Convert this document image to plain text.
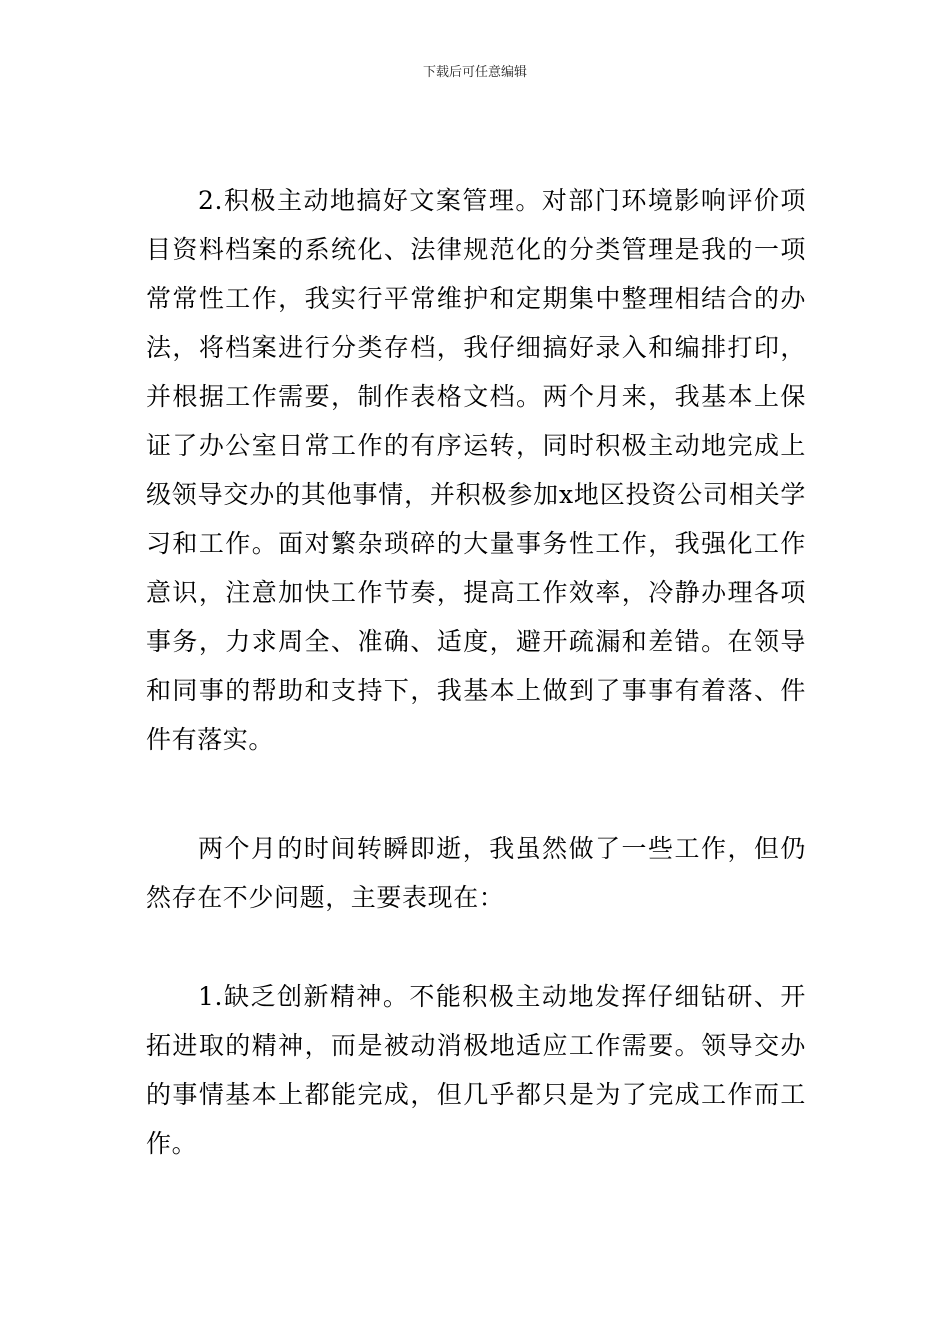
下载后可任意编辑

2.积极主动地搞好文案管理。对部门环境影响评价项目资料档案的系统化、法律规范化的分类管理是我的一项常常性工作，我实行平常维护和定期集中整理相结合的办法，将档案进行分类存档，我仔细搞好录入和编排打印，并根据工作需要，制作表格文档。两个月来，我基本上保证了办公室日常工作的有序运转，同时积极主动地完成上级领导交办的其他事情，并积极参加x地区投资公司相关学习和工作。面对繁杂琐碎的大量事务性工作，我强化工作意识，注意加快工作节奏，提高工作效率，冷静办理各项事务，力求周全、准确、适度，避开疏漏和差错。在领导和同事的帮助和支持下，我基本上做到了事事有着落、件件有落实。

两个月的时间转瞬即逝，我虽然做了一些工作，但仍然存在不少问题，主要表现在：

1.缺乏创新精神。不能积极主动地发挥仔细钻研、开拓进取的精神，而是被动消极地适应工作需要。领导交办的事情基本上都能完成，但几乎都只是为了完成工作而工作。
